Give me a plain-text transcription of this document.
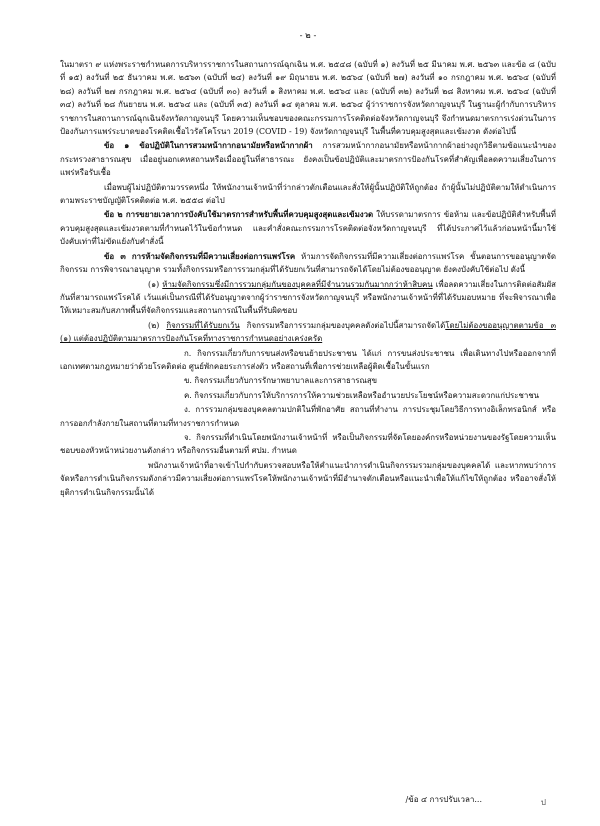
- ๒ -

ในมาตรา ๙ แห่งพระราชกำหนดการบริหารราชการในสถานการณ์ฉุกเฉิน พ.ศ. ๒๕๔๘ (ฉบับที่ ๑) ลงวันที่ ๒๕ มีนาคม พ.ศ. ๒๕๖๓ และข้อ ๘ (ฉบับที่ ๑๕) ลงวันที่ ๒๕ ธันวาคม พ.ศ. ๒๕๖๓ (ฉบับที่ ๒๔) ลงวันที่ ๑๙ มิถุนายน พ.ศ. ๒๕๖๔ (ฉบับที่ ๒๗) ลงวันที่ ๑๐ กรกฎาคม พ.ศ. ๒๕๖๔ (ฉบับที่ ๒๘) ลงวันที่ ๒๗ กรกฎาคม พ.ศ. ๒๕๖๔ (ฉบับที่ ๓๐) ลงวันที่ ๑ สิงหาคม พ.ศ. ๒๕๖๔ และ (ฉบับที่ ๓๒) ลงวันที่ ๒๘ สิงหาคม พ.ศ. ๒๕๖๔ (ฉบับที่ ๓๔) ลงวันที่ ๒๘ กันยายน พ.ศ. ๒๕๖๔ และ (ฉบับที่ ๓๕) ลงวันที่ ๑๔ ตุลาคม พ.ศ. ๒๕๖๔ ผู้ว่าราชการจังหวัดกาญจนบุรี ในฐานะผู้กำกับการบริหารราชการในสถานการณ์ฉุกเฉินจังหวัดกาญจนบุรี โดยความเห็นชอบของคณะกรรมการโรคติดต่อจังหวัดกาญจนบุรี จึงกำหนดมาตรการเร่งด่วนในการป้องกันการแพร่ระบาดของโรคติดเชื้อไวรัสโคโรนา 2019 (COVID - 19) จังหวัดกาญจนบุรี ในพื้นที่ควบคุมสูงสุดและเข้มงวด ดังต่อไปนี้

ข้อ ๑ ข้อปฏิบัติในการสวมหน้ากากอนามัยหรือหน้ากากผ้า การสวมหน้ากากอนามัยหรือหน้ากากผ้าอย่างถูกวิธีตามข้อแนะนำของกระทรวงสาธารณสุข เมื่ออยู่นอกเคหสถานหรือเมื่ออยู่ในที่สาธารณะ ยังคงเป็นข้อปฏิบัติและมาตรการป้องกันโรคที่สำคัญเพื่อลดความเสี่ยงในการแพร่หรือรับเชื้อ

เมื่อพบผู้ไม่ปฏิบัติตามวรรคหนึ่ง ให้พนักงานเจ้าหน้าที่ว่ากล่าวตักเตือนและสั่งให้ผู้นั้นปฏิบัติให้ถูกต้อง ถ้าผู้นั้นไม่ปฏิบัติตามให้ดำเนินการตามพระราชบัญญัติโรคติดต่อ พ.ศ. ๒๕๕๘ ต่อไป

ข้อ ๒ การขยายเวลาการบังคับใช้มาตรการสำหรับพื้นที่ควบคุมสูงสุดและเข้มงวด ให้บรรดามาตรการ ข้อห้าม และข้อปฏิบัติสำหรับพื้นที่ควบคุมสูงสุดและเข้มงวดตามที่กำหนดไว้ในข้อกำหนด และคำสั่งคณะกรรมการโรคติดต่อจังหวัดกาญจนบุรี ที่ได้ประกาศไว้แล้วก่อนหน้านี้มาใช้บังคับเท่าที่ไม่ขัดแย้งกับคำสั่งนี้

ข้อ ๓ การห้ามจัดกิจกรรมที่มีความเสี่ยงต่อการแพร่โรค ห้ามการจัดกิจกรรมที่มีความเสี่ยงต่อการแพร่โรค ขั้นตอนการขออนุญาตจัดกิจกรรม การพิจารณาอนุญาต รวมทั้งกิจกรรมหรือการรวมกลุ่มที่ได้รับยกเว้นที่สามารถจัดได้โดยไม่ต้องขออนุญาต ยังคงบังคับใช้ต่อไป ดังนี้

(๑) ห้ามจัดกิจกรรมซึ่งมีการรวมกลุ่มกันของบุคคลที่มีจำนวนรวมกันมากกว่าห้าสิบคน เพื่อลดความเสี่ยงในการติดต่อสัมผัสกันที่สามารถแพร่โรคได้ เว้นแต่เป็นกรณีที่ได้รับอนุญาตจากผู้ว่าราชการจังหวัดกาญจนบุรี หรือพนักงานเจ้าหน้าที่ที่ได้รับมอบหมาย ที่จะพิจารณาเพื่อให้เหมาะสมกับสภาพพื้นที่จัดกิจกรรมและสถานการณ์ในพื้นที่รับผิดชอบ

(๒) กิจกรรมที่ได้รับยกเว้น กิจกรรมหรือการรวมกลุ่มของบุคคลดังต่อไปนี้สามารถจัดได้โดยไม่ต้องขออนุญาตตามข้อ ๓ (๑) แต่ต้องปฏิบัติตามมาตรการป้องกันโรคที่ทางราชการกำหนดอย่างเคร่งครัด

ก. กิจกรรมเกี่ยวกับการขนส่งหรือขนย้ายประชาชน ได้แก่ การขนส่งประชาชน เพื่อเดินทางไปหรือออกจากที่เอกเทศตามกฎหมายว่าด้วยโรคติดต่อ ศูนย์พักคอยระการส่งตัว หรือสถานที่เพื่อการช่วยเหลือผู้ติดเชื้อในขั้นแรก

ข. กิจกรรมเกี่ยวกับการรักษาพยาบาลและการสาธารณสุข

ค. กิจกรรมเกี่ยวกับการให้บริการการให้ความช่วยเหลือหรืออำนวยประโยชน์หรือความสะดวกแก่ประชาชน

ง. การรวมกลุ่มของบุคคลตามปกติในที่พักอาศัย สถานที่ทำงาน การประชุมโดยวิธีการทางอิเล็กทรอนิกส์ หรือการออกกำลังกายในสถานที่ตามที่ทางราชการกำหนด

จ. กิจกรรมที่ดำเนินโดยพนักงานเจ้าหน้าที่ หรือเป็นกิจกรรมที่จัดโดยองค์กรหรือหน่วยงานของรัฐโดยความเห็นชอบของหัวหน้าหน่วยงานดังกล่าว หรือกิจกรรมอื่นตามที่ ศปม. กำหนด

พนักงานเจ้าหน้าที่อาจเข้าไปกำกับตรวจสอบหรือให้คำแนะนำการดำเนินกิจกรรมรวมกลุ่มของบุคคลได้ และหากพบว่าการจัดหรือการดำเนินกิจกรรมดังกล่าวมีความเสี่ยงต่อการแพร่โรคให้พนักงานเจ้าหน้าที่มีอำนาจตักเตือนหรือแนะนำเพื่อให้แก้ไขให้ถูกต้อง หรืออาจสั่งให้ยุติการดำเนินกิจกรรมนั้นได้

/ข้อ ๔ การปรับเวลา...	ป
